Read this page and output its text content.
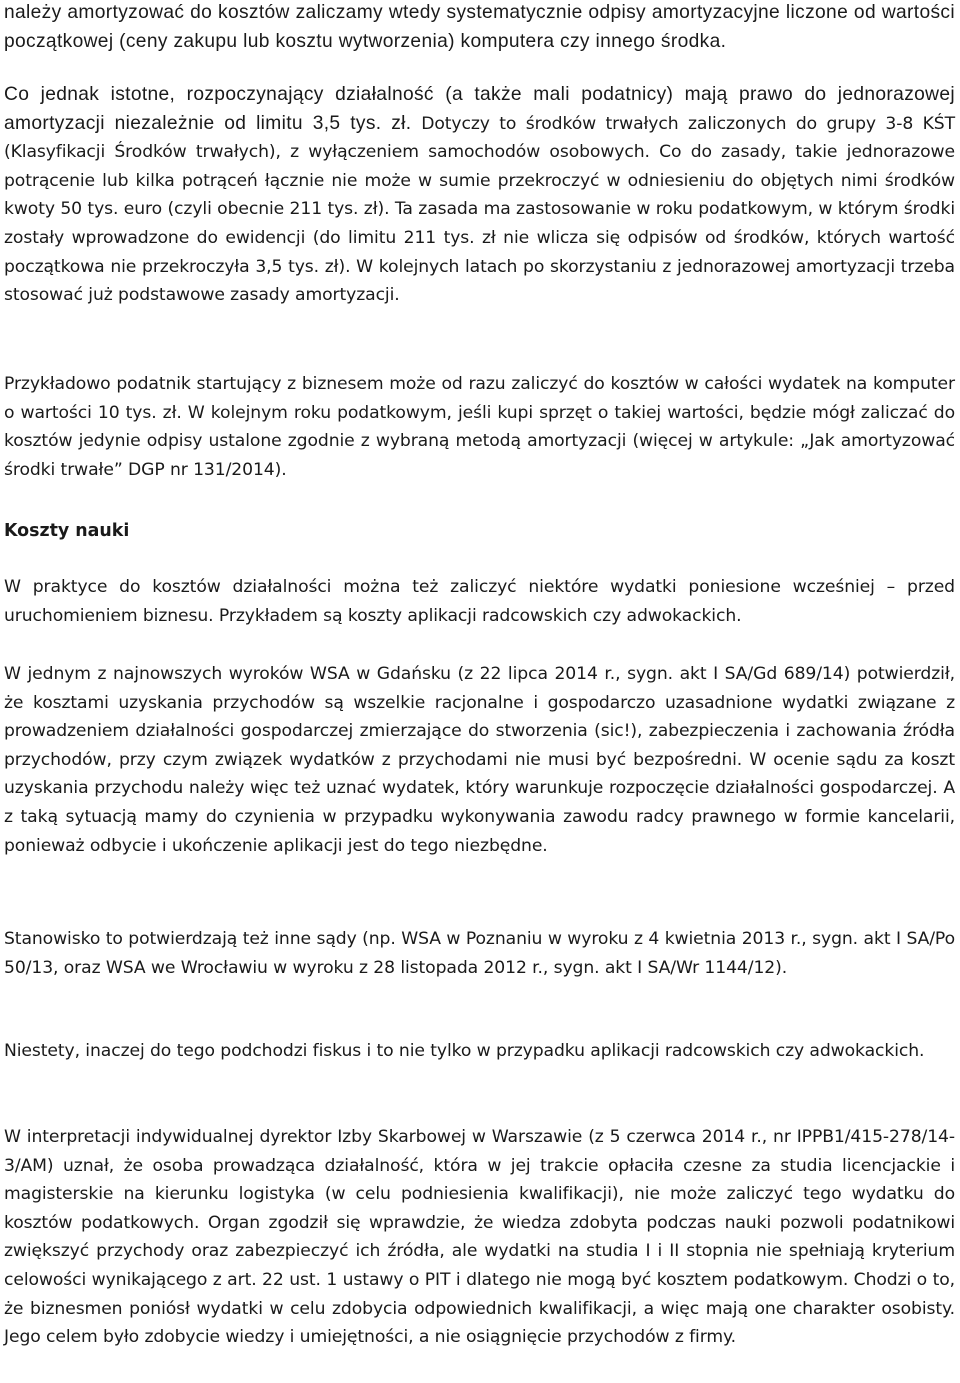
należy amortyzować do kosztów zaliczamy wtedy systematycznie odpisy amortyzacyjne liczone od wartości początkowej (ceny zakupu lub kosztu wytworzenia) komputera czy innego środka.

Co jednak istotne, rozpoczynający działalność (a także mali podatnicy) mają prawo do jednorazowej amortyzacji niezależnie od limitu 3,5 tys. zł. Dotyczy to środków trwałych zaliczonych do grupy 3-8 KŚT (Klasyfikacji Środków trwałych), z wyłączeniem samochodów osobowych. Co do zasady, takie jednorazowe potrącenie lub kilka potrąceń łącznie nie może w sumie przekroczyć w odniesieniu do objętych nimi środków kwoty 50 tys. euro (czyli obecnie 211 tys. zł). Ta zasada ma zastosowanie w roku podatkowym, w którym środki zostały wprowadzone do ewidencji (do limitu 211 tys. zł nie wlicza się odpisów od środków, których wartość początkowa nie przekroczyła 3,5 tys. zł). W kolejnych latach po skorzystaniu z jednorazowej amortyzacji trzeba stosować już podstawowe zasady amortyzacji.

Przykładowo podatnik startujący z biznesem może od razu zaliczyć do kosztów w całości wydatek na komputer o wartości 10 tys. zł. W kolejnym roku podatkowym, jeśli kupi sprzęt o takiej wartości, będzie mógł zaliczać do kosztów jedynie odpisy ustalone zgodnie z wybraną metodą amortyzacji (więcej w artykule: „Jak amortyzować środki trwałe” DGP nr 131/2014).

Koszty nauki

W praktyce do kosztów działalności można też zaliczyć niektóre wydatki poniesione wcześniej – przed uruchomieniem biznesu. Przykładem są koszty aplikacji radcowskich czy adwokackich.

W jednym z najnowszych wyroków WSA w Gdańsku (z 22 lipca 2014 r., sygn. akt I SA/Gd 689/14) potwierdził, że kosztami uzyskania przychodów są wszelkie racjonalne i gospodarczo uzasadnione wydatki związane z prowadzeniem działalności gospodarczej zmierzające do stworzenia (sic!), zabezpieczenia i zachowania źródła przychodów, przy czym związek wydatków z przychodami nie musi być bezpośredni. W ocenie sądu za koszt uzyskania przychodu należy więc też uznać wydatek, który warunkuje rozpoczęcie działalności gospodarczej. A z taką sytuacją mamy do czynienia w przypadku wykonywania zawodu radcy prawnego w formie kancelarii, ponieważ odbycie i ukończenie aplikacji jest do tego niezbędne.

Stanowisko to potwierdzają też inne sądy (np. WSA w Poznaniu w wyroku z 4 kwietnia 2013 r., sygn. akt I SA/Po 50/13, oraz WSA we Wrocławiu w wyroku z 28 listopada 2012 r., sygn. akt I SA/Wr 1144/12).

Niestety, inaczej do tego podchodzi fiskus i to nie tylko w przypadku aplikacji radcowskich czy adwokackich.

W interpretacji indywidualnej dyrektor Izby Skarbowej w Warszawie (z 5 czerwca 2014 r., nr IPPB1/415-278/14-3/AM) uznał, że osoba prowadząca działalność, która w jej trakcie opłaciła czesne za studia licencjackie i magisterskie na kierunku logistyka (w celu podniesienia kwalifikacji), nie może zaliczyć tego wydatku do kosztów podatkowych. Organ zgodził się wprawdzie, że wiedza zdobyta podczas nauki pozwoli podatnikowi zwiększyć przychody oraz zabezpieczyć ich źródła, ale wydatki na studia I i II stopnia nie spełniają kryterium celowości wynikającego z art. 22 ust. 1 ustawy o PIT i dlatego nie mogą być kosztem podatkowym. Chodzi o to, że biznesmen poniósł wydatki w celu zdobycia odpowiednich kwalifikacji, a więc mają one charakter osobisty. Jego celem było zdobycie wiedzy i umiejętności, a nie osiągnięcie przychodów z firmy.
